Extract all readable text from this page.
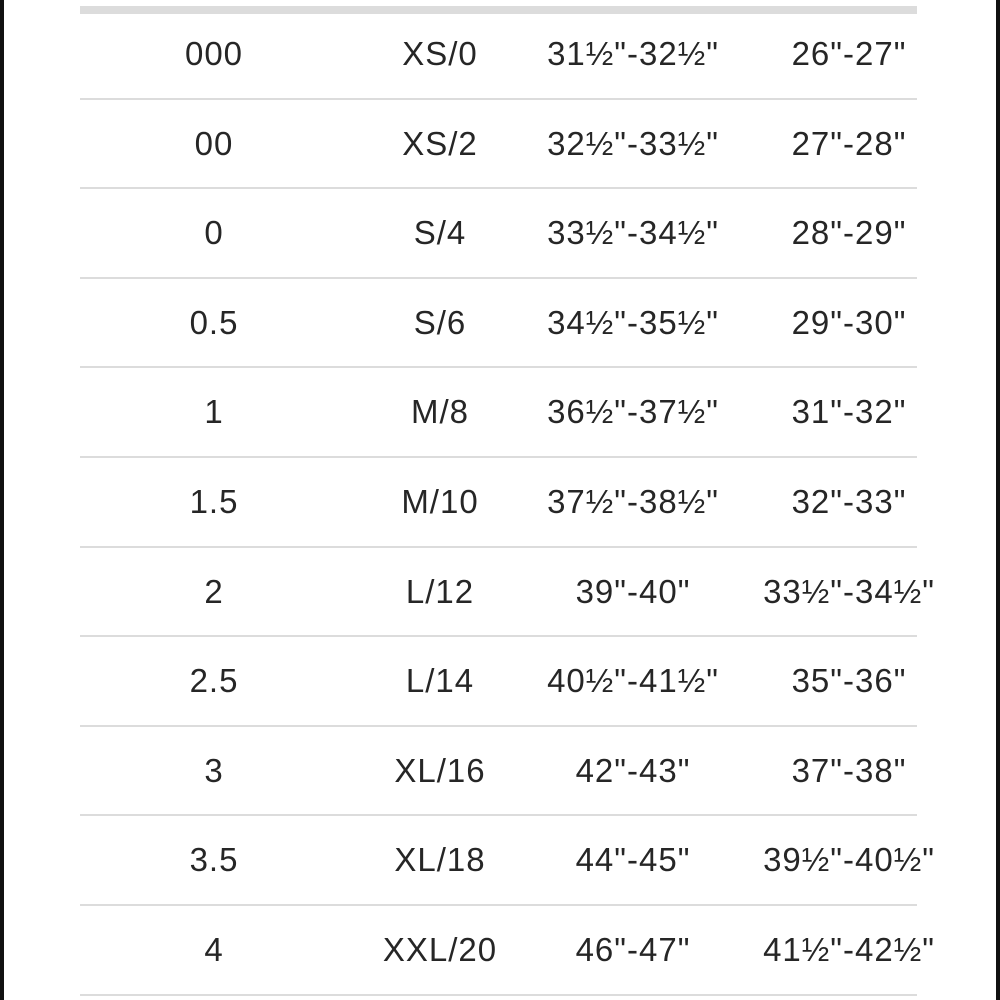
000	XS/0	31½"-32½"	26"-27"
00	XS/2	32½"-33½"	27"-28"
0	S/4	33½"-34½"	28"-29"
0.5	S/6	34½"-35½"	29"-30"
1	M/8	36½"-37½"	31"-32"
1.5	M/10	37½"-38½"	32"-33"
2	L/12	39"-40"	33½"-34½"
2.5	L/14	40½"-41½"	35"-36"
3	XL/16	42"-43"	37"-38"
3.5	XL/18	44"-45"	39½"-40½"
4	XXL/20	46"-47"	41½"-42½"
